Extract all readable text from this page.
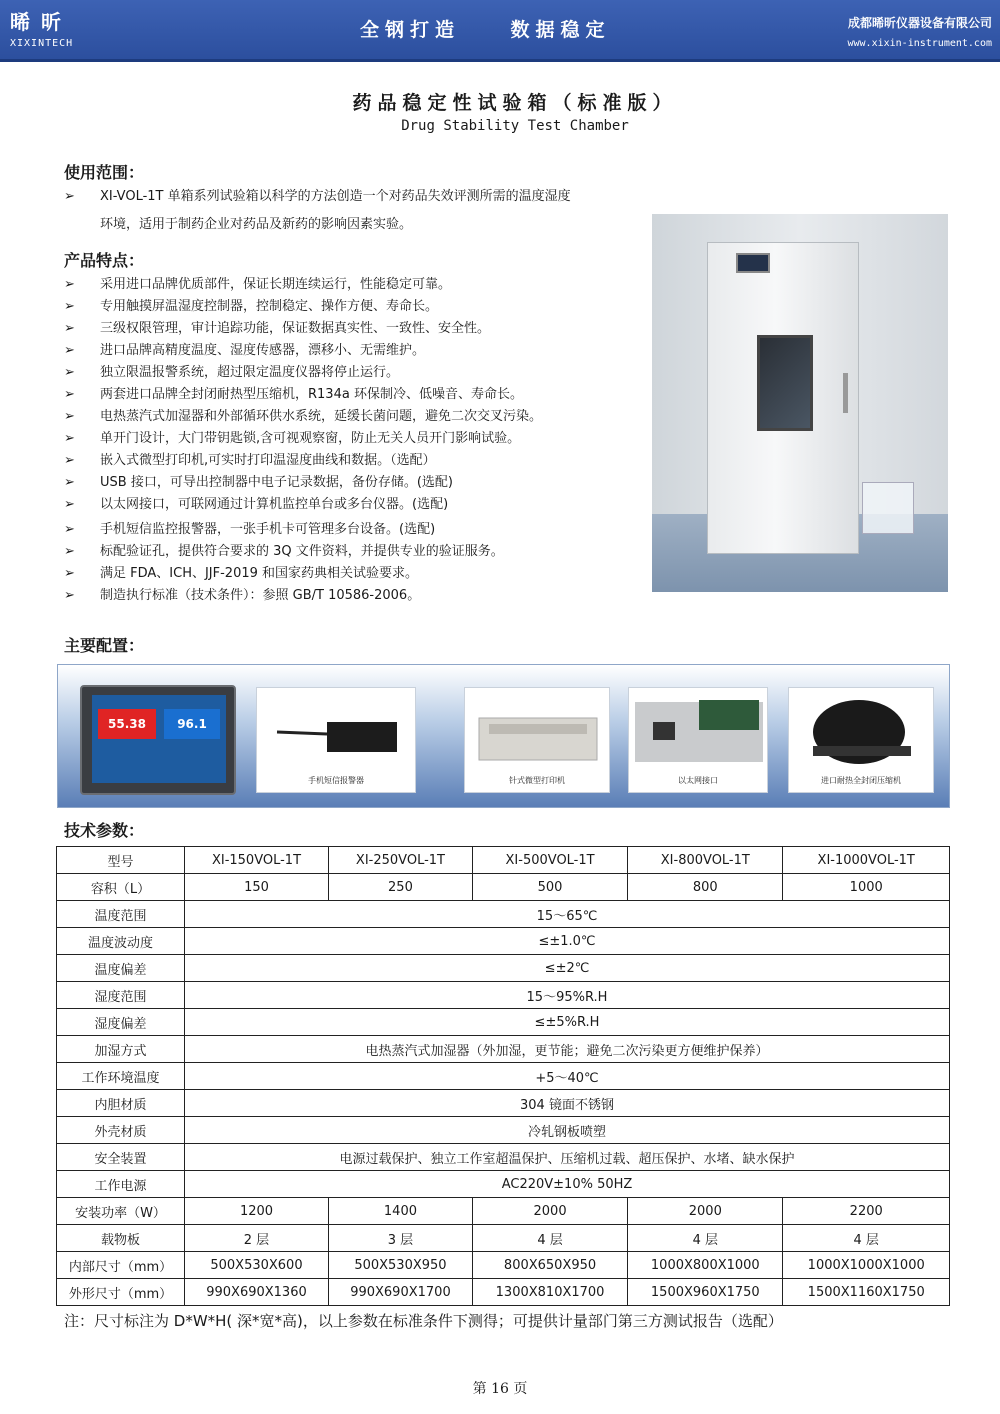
晞 昕
XIXINTECH
全钢打造    数据稳定	成都晞昕仪器设备有限公司
www.xixin-instrument.com
药品稳定性试验箱（标准版）
Drug Stability Test Chamber
使用范围：
➢ XI-VOL-1T 单箱系列试验箱以科学的方法创造一个对药品失效评测所需的温度湿度
环境，适用于制药企业对药品及新药的影响因素实验。
产品特点：
➢ 采用进口品牌优质部件，保证长期连续运行，性能稳定可靠。
➢ 专用触摸屏温湿度控制器，控制稳定、操作方便、寿命长。
➢ 三级权限管理，审计追踪功能，保证数据真实性、一致性、安全性。
➢ 进口品牌高精度温度、湿度传感器，漂移小、无需维护。
➢ 独立限温报警系统，超过限定温度仪器将停止运行。
➢ 两套进口品牌全封闭耐热型压缩机，R134a 环保制冷、低噪音、寿命长。
➢ 电热蒸汽式加湿器和外部循环供水系统，延缓长菌问题，避免二次交叉污染。
➢ 单开门设计，大门带钥匙锁,含可视观察窗，防止无关人员开门影响试验。
➢ 嵌入式微型打印机,可实时打印温湿度曲线和数据。（选配）
➢ USB 接口，可导出控制器中电子记录数据，备份存储。(选配)
➢ 以太网接口，可联网通过计算机监控单台或多台仪器。(选配)
➢ 手机短信监控报警器，一张手机卡可管理多台设备。(选配)
➢ 标配验证孔，提供符合要求的 3Q 文件资料，并提供专业的验证服务。
➢ 满足 FDA、ICH、JJF-2019 和国家药典相关试验要求。
➢ 制造执行标准（技术条件）：参照 GB/T 10586-2006。
主要配置：
55.38	96.1
手机短信报警器	针式微型打印机	以太网接口	进口耐热全封闭压缩机
技术参数：
型号	XI-150VOL-1T	XI-250VOL-1T	XI-500VOL-1T	XI-800VOL-1T	XI-1000VOL-1T
容积（L）	150	250	500	800	1000
温度范围	15～65℃				
温度波动度	≤±1.0℃				
温度偏差	≤±2℃				
湿度范围	15～95%R.H				
湿度偏差	≤±5%R.H				
加湿方式	电热蒸汽式加湿器（外加湿，更节能；避免二次污染更方便维护保养）				
工作环境温度	+5～40℃				
内胆材质	304 镜面不锈钢				
外壳材质	冷轧钢板喷塑				
安全装置	电源过载保护、独立工作室超温保护、压缩机过载、超压保护、水堵、缺水保护				
工作电源	AC220V±10% 50HZ				
安装功率（W）	1200	1400	2000	2000	2200
载物板	2 层	3 层	4 层	4 层	4 层
内部尺寸（mm）	500X530X600	500X530X950	800X650X950	1000X800X1000	1000X1000X1000
外形尺寸（mm）	990X690X1360	990X690X1700	1300X810X1700	1500X960X1750	1500X1160X1750
注：尺寸标注为 D*W*H( 深*宽*高)，以上参数在标准条件下测得；可提供计量部门第三方测试报告（选配）
第 16 页
